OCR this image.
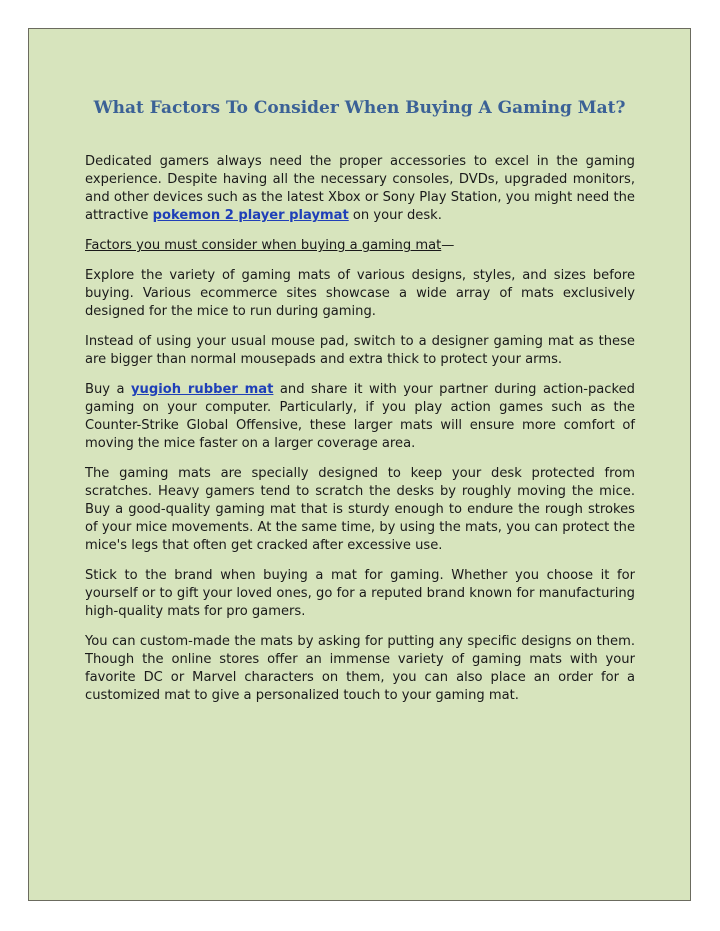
What Factors To Consider When Buying A Gaming Mat?

Dedicated gamers always need the proper accessories to excel in the gaming experience. Despite having all the necessary consoles, DVDs, upgraded monitors, and other devices such as the latest Xbox or Sony Play Station, you might need the attractive pokemon 2 player playmat on your desk.

Factors you must consider when buying a gaming mat—

Explore the variety of gaming mats of various designs, styles, and sizes before buying. Various ecommerce sites showcase a wide array of mats exclusively designed for the mice to run during gaming.

Instead of using your usual mouse pad, switch to a designer gaming mat as these are bigger than normal mousepads and extra thick to protect your arms.

Buy a yugioh rubber mat and share it with your partner during action-packed gaming on your computer. Particularly, if you play action games such as the Counter-Strike Global Offensive, these larger mats will ensure more comfort of moving the mice faster on a larger coverage area.

The gaming mats are specially designed to keep your desk protected from scratches. Heavy gamers tend to scratch the desks by roughly moving the mice. Buy a good-quality gaming mat that is sturdy enough to endure the rough strokes of your mice movements. At the same time, by using the mats, you can protect the mice's legs that often get cracked after excessive use.

Stick to the brand when buying a mat for gaming. Whether you choose it for yourself or to gift your loved ones, go for a reputed brand known for manufacturing high-quality mats for pro gamers.

You can custom-made the mats by asking for putting any specific designs on them. Though the online stores offer an immense variety of gaming mats with your favorite DC or Marvel characters on them, you can also place an order for a customized mat to give a personalized touch to your gaming mat.
